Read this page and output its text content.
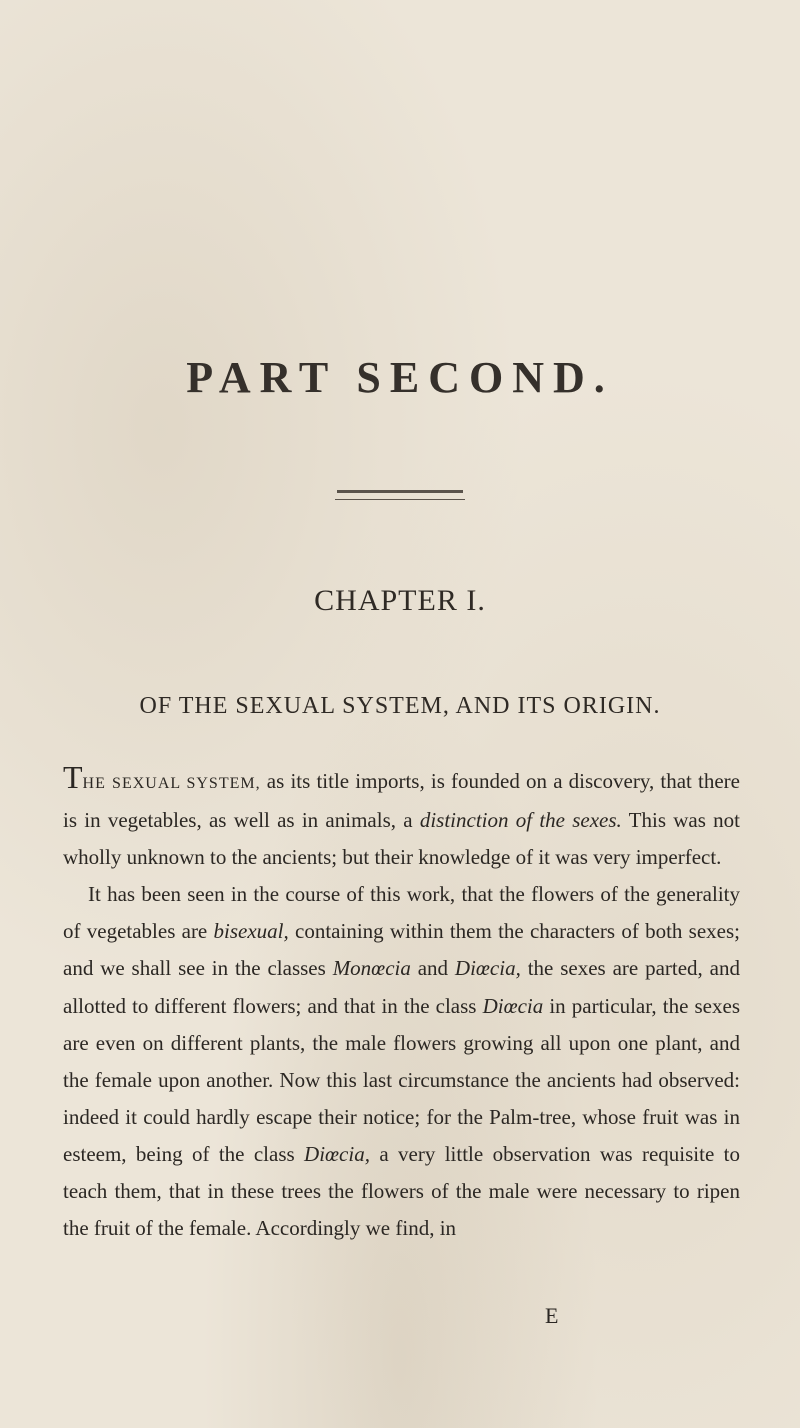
PART SECOND.
CHAPTER I.
OF THE SEXUAL SYSTEM, AND ITS ORIGIN.

THE SEXUAL SYSTEM, as its title imports, is founded on a discovery, that there is in vegetables, as well as in animals, a distinction of the sexes. This was not wholly unknown to the ancients; but their knowledge of it was very imperfect.

It has been seen in the course of this work, that the flowers of the generality of vegetables are bisexual, containing within them the characters of both sexes; and we shall see in the classes Monœcia and Diœcia, the sexes are parted, and allotted to different flowers; and that in the class Diœcia in particular, the sexes are even on different plants, the male flowers growing all upon one plant, and the female upon another. Now this last circumstance the ancients had observed: indeed it could hardly escape their notice; for the Palm-tree, whose fruit was in esteem, being of the class Diœcia, a very little observation was requisite to teach them, that in these trees the flowers of the male were necessary to ripen the fruit of the female. Accordingly we find, in

E
